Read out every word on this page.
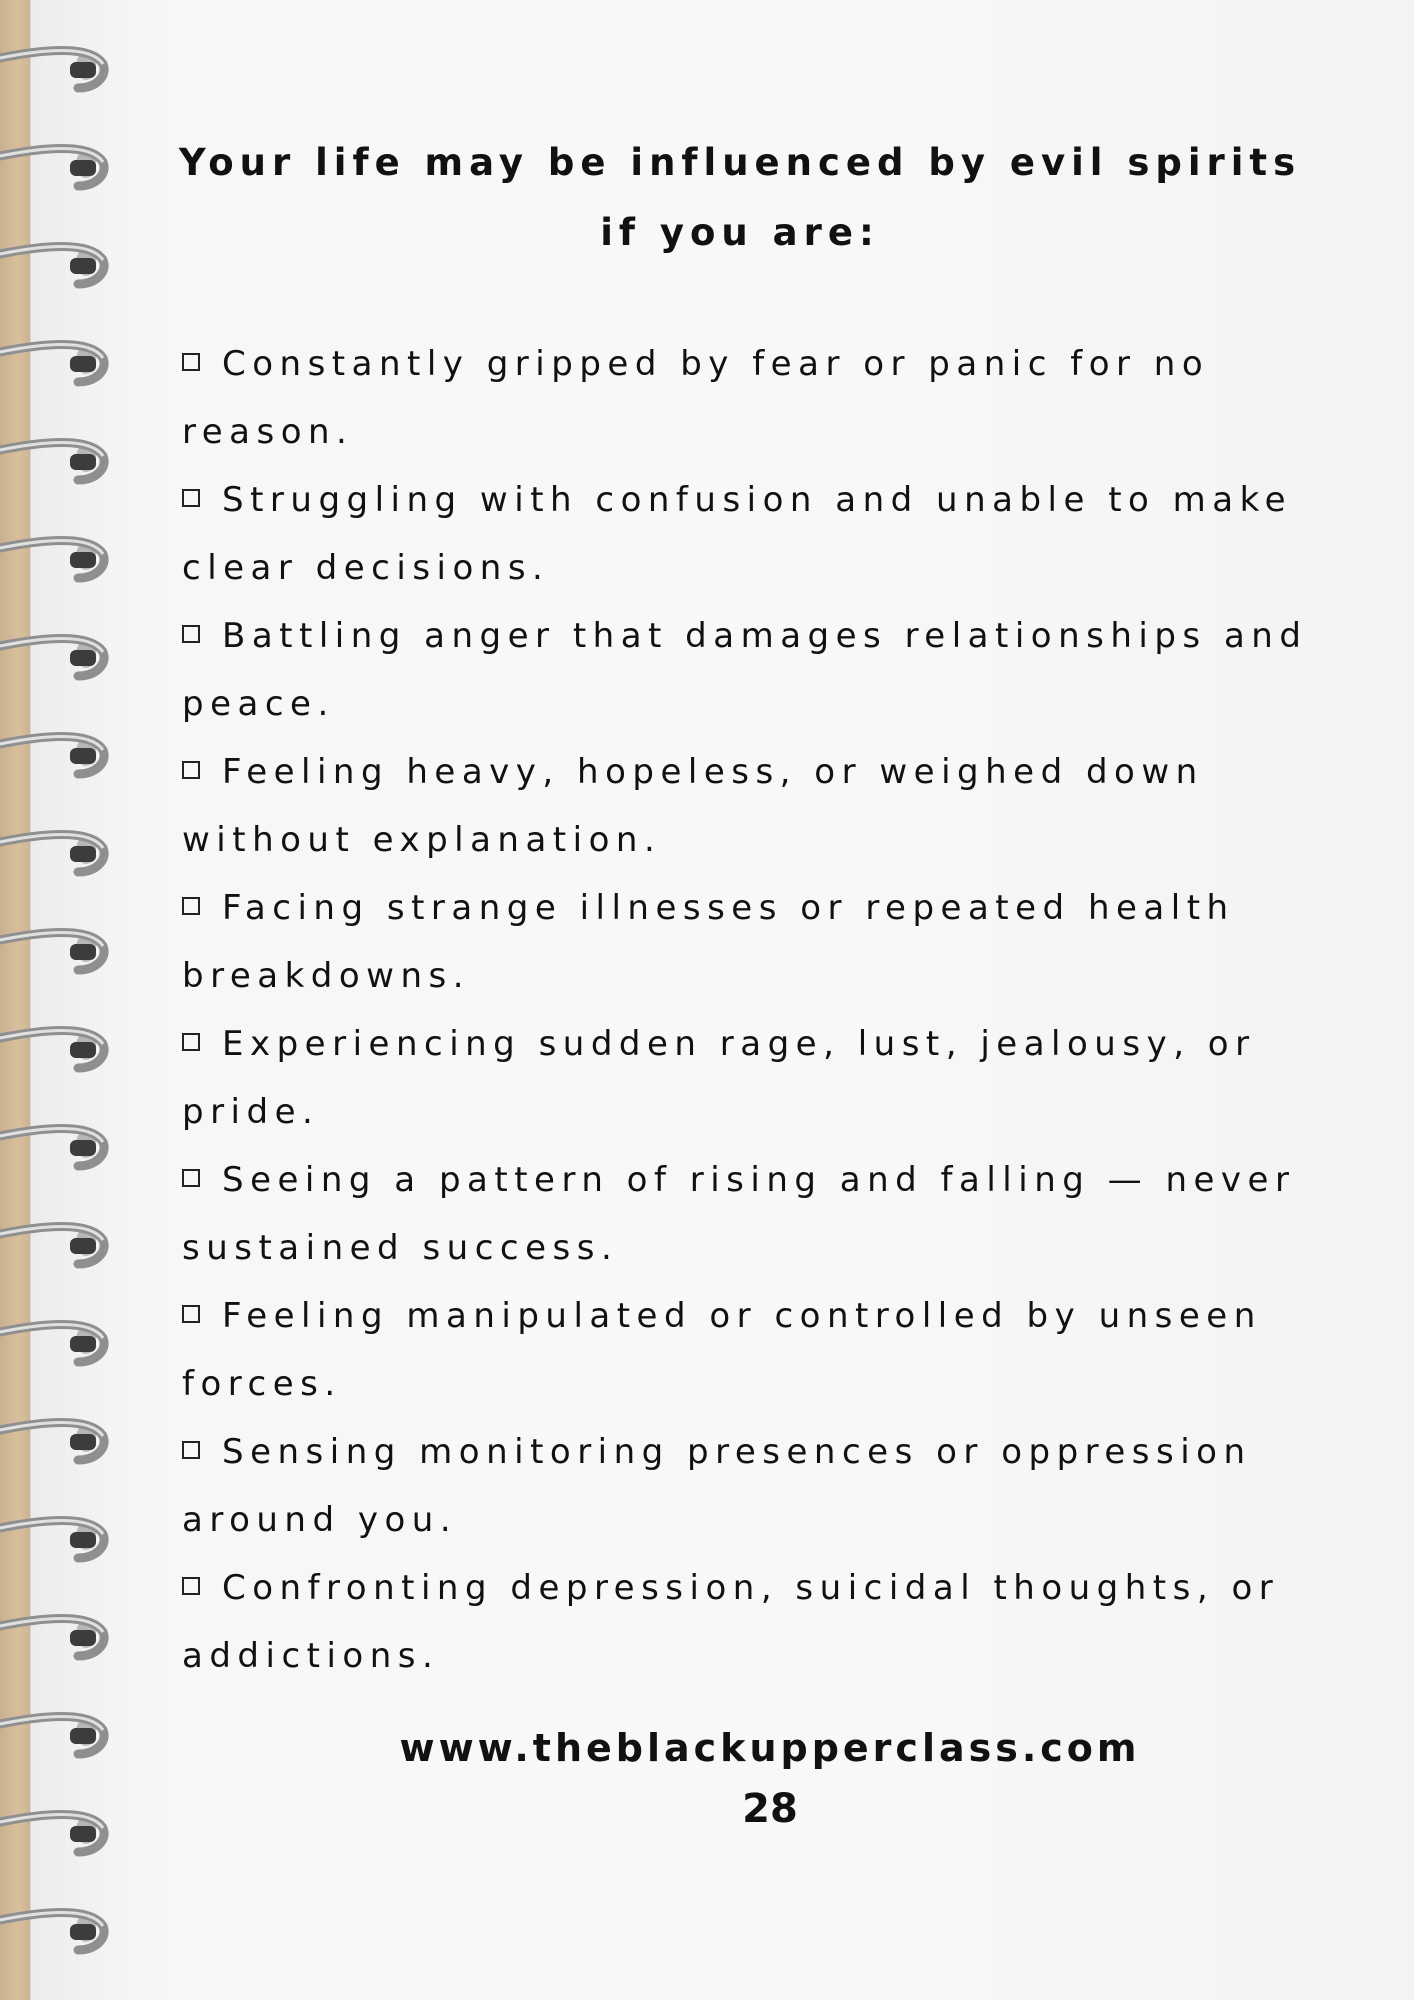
Your life may be influenced by evil spirits if you are:
Constantly gripped by fear or panic for no reason.
Struggling with confusion and unable to make clear decisions.
Battling anger that damages relationships and peace.
Feeling heavy, hopeless, or weighed down without explanation.
Facing strange illnesses or repeated health breakdowns.
Experiencing sudden rage, lust, jealousy, or pride.
Seeing a pattern of rising and falling — never sustained success.
Feeling manipulated or controlled by unseen forces.
Sensing monitoring presences or oppression around you.
Confronting depression, suicidal thoughts, or addictions.
www.theblackupperclass.com
28
